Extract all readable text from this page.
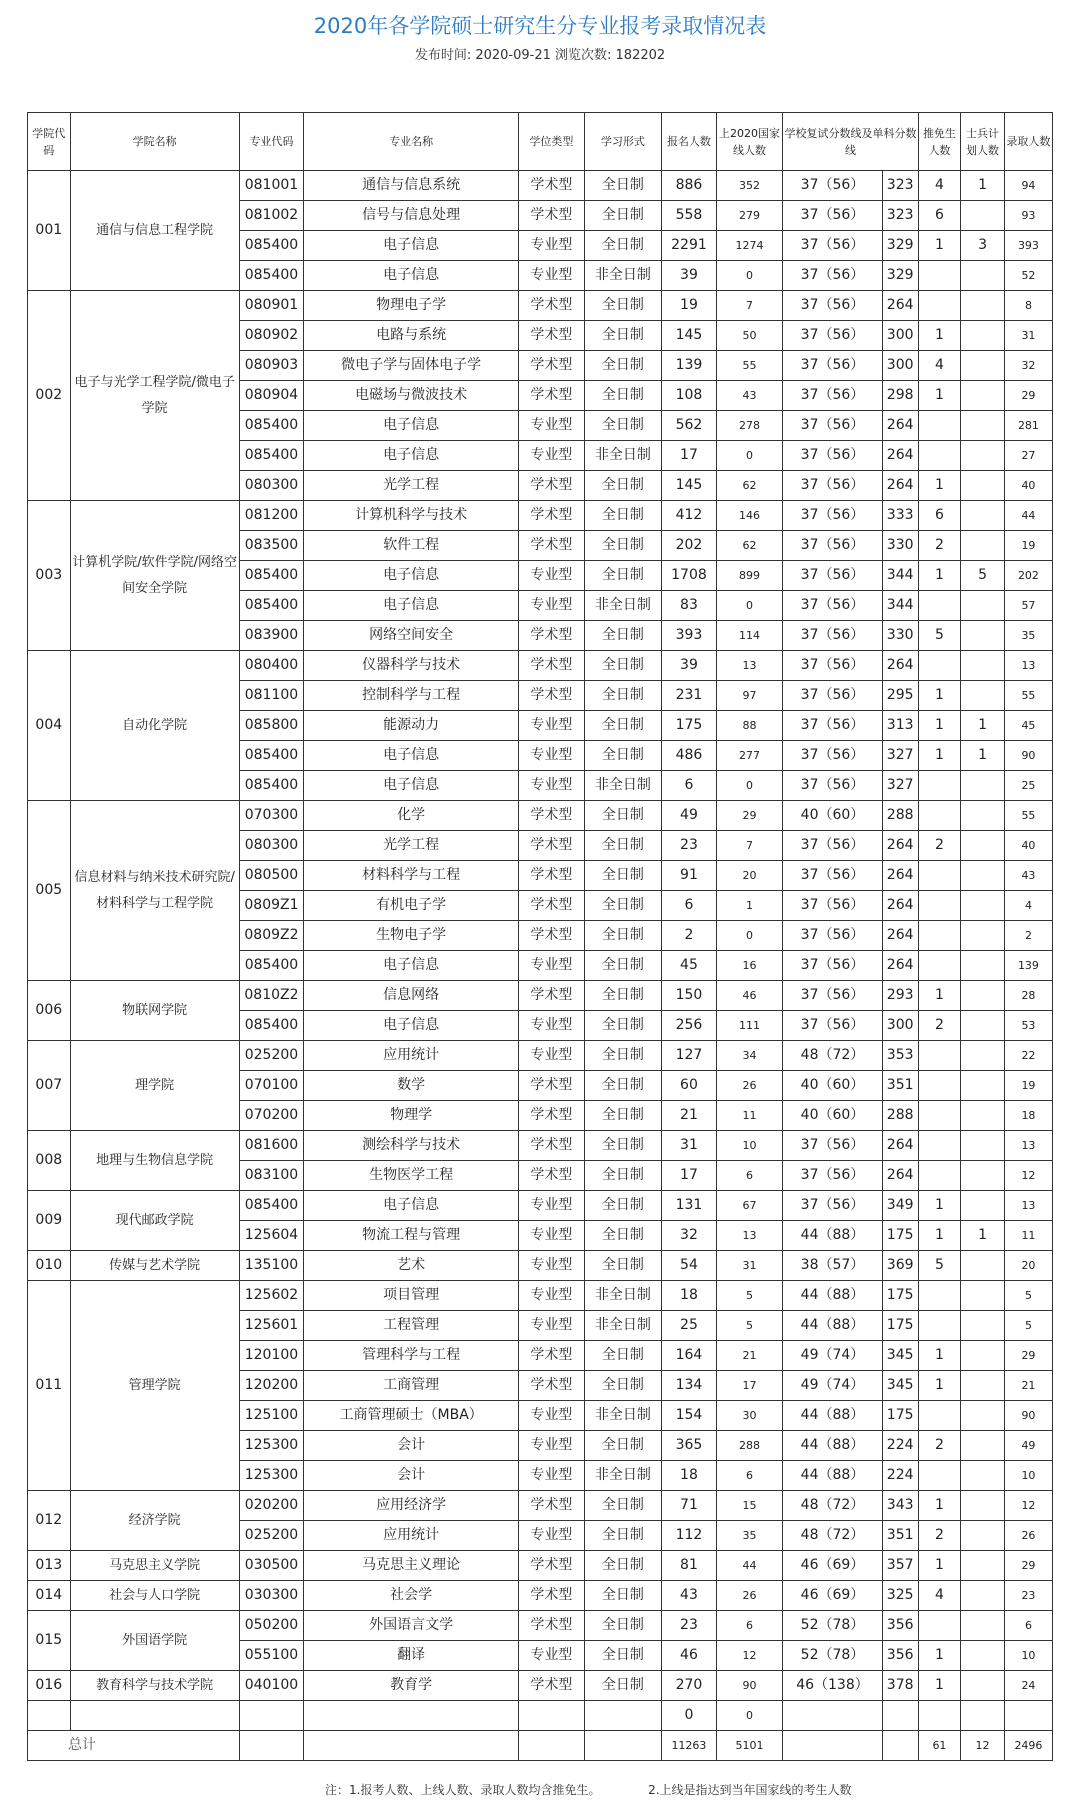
2020年各学院硕士研究生分专业报考录取情况表
发布时间: 2020-09-21 浏览次数: 182202
学院代码	学院名称	专业代码	专业名称	学位类型	学习形式	报名人数	上2020国家线人数	学校复试分数线及单科分数线		推免生人数	士兵计划人数	录取人数
001	通信与信息工程学院	081001	通信与信息系统	学术型	全日制	886	352	37（56）	323	4	1	94
		081002	信号与信息处理	学术型	全日制	558	279	37（56）	323	6		93
		085400	电子信息	专业型	全日制	2291	1274	37（56）	329	1	3	393
		085400	电子信息	专业型	非全日制	39	0	37（56）	329			52
002	电子与光学工程学院/微电子学院	080901	物理电子学	学术型	全日制	19	7	37（56）	264			8
		080902	电路与系统	学术型	全日制	145	50	37（56）	300	1		31
		080903	微电子学与固体电子学	学术型	全日制	139	55	37（56）	300	4		32
		080904	电磁场与微波技术	学术型	全日制	108	43	37（56）	298	1		29
		085400	电子信息	专业型	全日制	562	278	37（56）	264			281
		085400	电子信息	专业型	非全日制	17	0	37（56）	264			27
		080300	光学工程	学术型	全日制	145	62	37（56）	264	1		40
003	计算机学院/软件学院/网络空间安全学院	081200	计算机科学与技术	学术型	全日制	412	146	37（56）	333	6		44
		083500	软件工程	学术型	全日制	202	62	37（56）	330	2		19
		085400	电子信息	专业型	全日制	1708	899	37（56）	344	1	5	202
		085400	电子信息	专业型	非全日制	83	0	37（56）	344			57
		083900	网络空间安全	学术型	全日制	393	114	37（56）	330	5		35
004	自动化学院	080400	仪器科学与技术	学术型	全日制	39	13	37（56）	264			13
		081100	控制科学与工程	学术型	全日制	231	97	37（56）	295	1		55
		085800	能源动力	专业型	全日制	175	88	37（56）	313	1	1	45
		085400	电子信息	专业型	全日制	486	277	37（56）	327	1	1	90
		085400	电子信息	专业型	非全日制	6	0	37（56）	327			25
005	信息材料与纳米技术研究院/材料科学与工程学院	070300	化学	学术型	全日制	49	29	40（60）	288			55
		080300	光学工程	学术型	全日制	23	7	37（56）	264	2		40
		080500	材料科学与工程	学术型	全日制	91	20	37（56）	264			43
		0809Z1	有机电子学	学术型	全日制	6	1	37（56）	264			4
		0809Z2	生物电子学	学术型	全日制	2	0	37（56）	264			2
		085400	电子信息	专业型	全日制	45	16	37（56）	264			139
006	物联网学院	0810Z2	信息网络	学术型	全日制	150	46	37（56）	293	1		28
		085400	电子信息	专业型	全日制	256	111	37（56）	300	2		53
007	理学院	025200	应用统计	专业型	全日制	127	34	48（72）	353			22
		070100	数学	学术型	全日制	60	26	40（60）	351			19
		070200	物理学	学术型	全日制	21	11	40（60）	288			18
008	地理与生物信息学院	081600	测绘科学与技术	学术型	全日制	31	10	37（56）	264			13
		083100	生物医学工程	学术型	全日制	17	6	37（56）	264			12
009	现代邮政学院	085400	电子信息	专业型	全日制	131	67	37（56）	349	1		13
		125604	物流工程与管理	专业型	全日制	32	13	44（88）	175	1	1	11
010	传媒与艺术学院	135100	艺术	专业型	全日制	54	31	38（57）	369	5		20
011	管理学院	125602	项目管理	专业型	非全日制	18	5	44（88）	175			5
		125601	工程管理	专业型	非全日制	25	5	44（88）	175			5
		120100	管理科学与工程	学术型	全日制	164	21	49（74）	345	1		29
		120200	工商管理	学术型	全日制	134	17	49（74）	345	1		21
		125100	工商管理硕士（MBA）	专业型	非全日制	154	30	44（88）	175			90
		125300	会计	专业型	全日制	365	288	44（88）	224	2		49
		125300	会计	专业型	非全日制	18	6	44（88）	224			10
012	经济学院	020200	应用经济学	学术型	全日制	71	15	48（72）	343	1		12
		025200	应用统计	专业型	全日制	112	35	48（72）	351	2		26
013	马克思主义学院	030500	马克思主义理论	学术型	全日制	81	44	46（69）	357	1		29
014	社会与人口学院	030300	社会学	学术型	全日制	43	26	46（69）	325	4		23
015	外国语学院	050200	外国语言文学	学术型	全日制	23	6	52（78）	356			6
		055100	翻译	专业型	全日制	46	12	52（78）	356	1		10
016	教育科学与技术学院	040100	教育学	学术型	全日制	270	90	46（138）	378	1		24
						0	0					
总计						11263	5101			61	12	2496
注：1.报考人数、上线人数、录取人数均含推免生。	2.上线是指达到当年国家线的考生人数
